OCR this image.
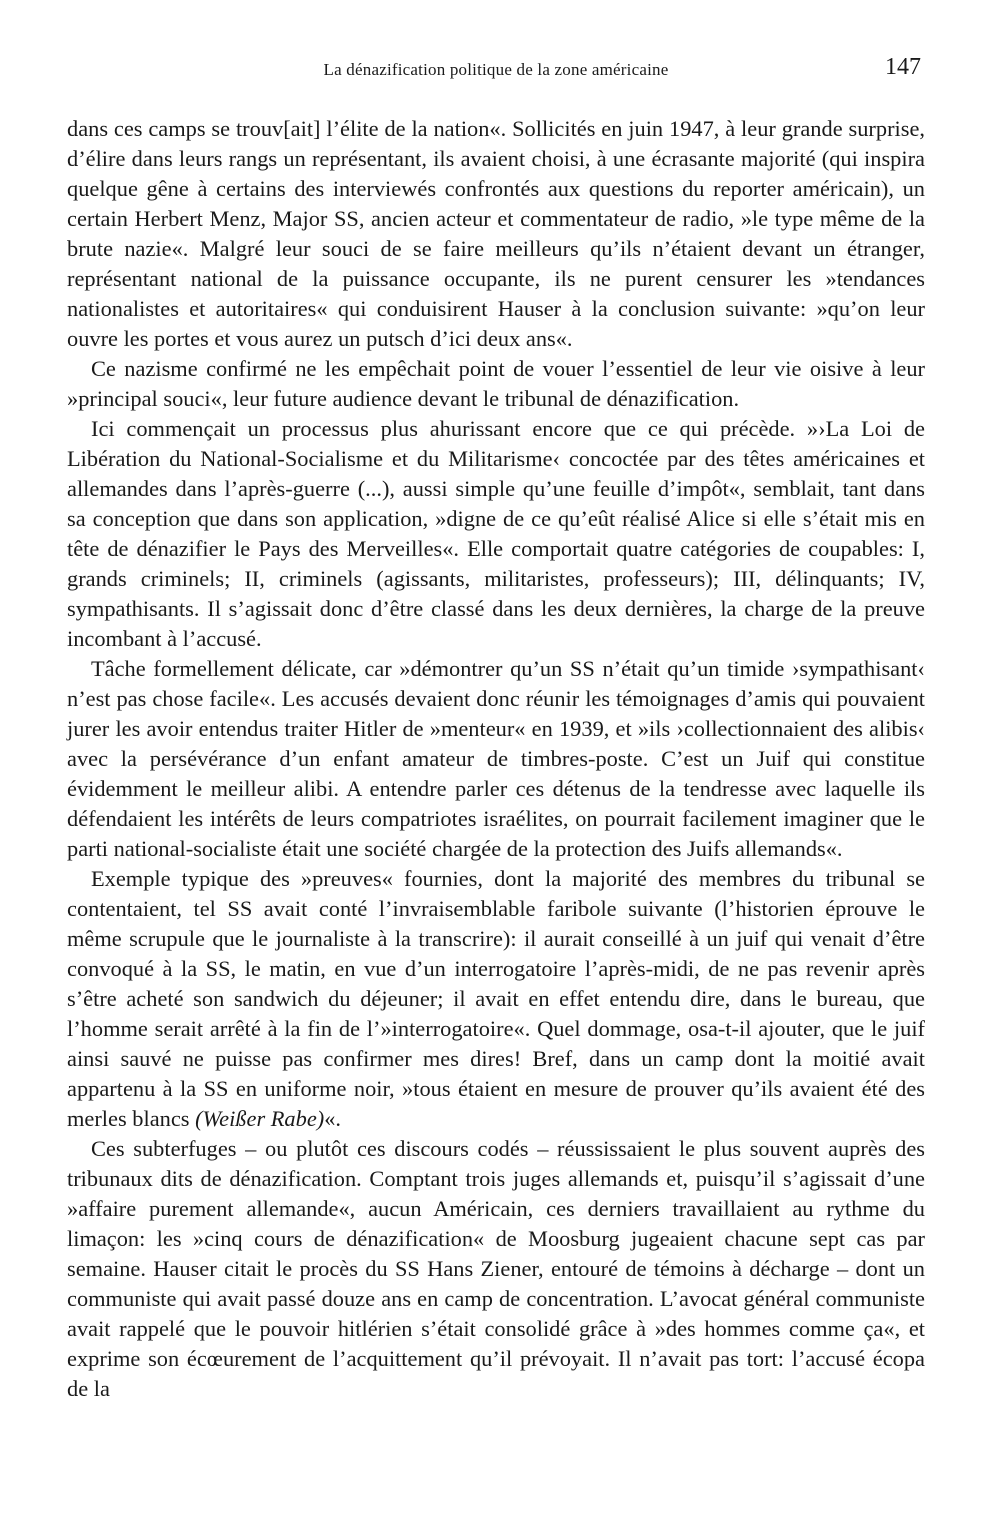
La dénazification politique de la zone américaine	147

dans ces camps se trouv[ait] l’élite de la nation«. Sollicités en juin 1947, à leur grande surprise, d’élire dans leurs rangs un représentant, ils avaient choisi, à une écrasante majorité (qui inspira quelque gêne à certains des interviewés confrontés aux questions du reporter américain), un certain Herbert Menz, Major SS, ancien acteur et commentateur de radio, »le type même de la brute nazie«. Malgré leur souci de se faire meilleurs qu’ils n’étaient devant un étranger, représentant national de la puissance occupante, ils ne purent censurer les »tendances nationalistes et autoritaires« qui conduisirent Hauser à la conclusion suivante: »qu’on leur ouvre les portes et vous aurez un putsch d’ici deux ans«.

Ce nazisme confirmé ne les empêchait point de vouer l’essentiel de leur vie oisive à leur »principal souci«, leur future audience devant le tribunal de dénazification.

Ici commençait un processus plus ahurissant encore que ce qui précède. »›La Loi de Libération du National-Socialisme et du Militarisme‹ concoctée par des têtes américaines et allemandes dans l’après-guerre (...), aussi simple qu’une feuille d’impôt«, semblait, tant dans sa conception que dans son application, »digne de ce qu’eût réalisé Alice si elle s’était mis en tête de dénazifier le Pays des Merveilles«. Elle comportait quatre catégories de coupables: I, grands criminels; II, criminels (agissants, militaristes, professeurs); III, délinquants; IV, sympathisants. Il s’agissait donc d’être classé dans les deux dernières, la charge de la preuve incombant à l’accusé.

Tâche formellement délicate, car »démontrer qu’un SS n’était qu’un timide ›sympathisant‹ n’est pas chose facile«. Les accusés devaient donc réunir les témoignages d’amis qui pouvaient jurer les avoir entendus traiter Hitler de »menteur« en 1939, et »ils ›collectionnaient des alibis‹ avec la persévérance d’un enfant amateur de timbres-poste. C’est un Juif qui constitue évidemment le meilleur alibi. A entendre parler ces détenus de la tendresse avec laquelle ils défendaient les intérêts de leurs compatriotes israélites, on pourrait facilement imaginer que le parti national-socialiste était une société chargée de la protection des Juifs allemands«.

Exemple typique des »preuves« fournies, dont la majorité des membres du tribunal se contentaient, tel SS avait conté l’invraisemblable faribole suivante (l’historien éprouve le même scrupule que le journaliste à la transcrire): il aurait conseillé à un juif qui venait d’être convoqué à la SS, le matin, en vue d’un interrogatoire l’après-midi, de ne pas revenir après s’être acheté son sandwich du déjeuner; il avait en effet entendu dire, dans le bureau, que l’homme serait arrêté à la fin de l’»interrogatoire«. Quel dommage, osa-t-il ajouter, que le juif ainsi sauvé ne puisse pas confirmer mes dires! Bref, dans un camp dont la moitié avait appartenu à la SS en uniforme noir, »tous étaient en mesure de prouver qu’ils avaient été des merles blancs (Weißer Rabe)«.

Ces subterfuges – ou plutôt ces discours codés – réussissaient le plus souvent auprès des tribunaux dits de dénazification. Comptant trois juges allemands et, puisqu’il s’agissait d’une »affaire purement allemande«, aucun Américain, ces derniers travaillaient au rythme du limaçon: les »cinq cours de dénazification« de Moosburg jugeaient chacune sept cas par semaine. Hauser citait le procès du SS Hans Ziener, entouré de témoins à décharge – dont un communiste qui avait passé douze ans en camp de concentration. L’avocat général communiste avait rappelé que le pouvoir hitlérien s’était consolidé grâce à »des hommes comme ça«, et exprime son écœurement de l’acquittement qu’il prévoyait. Il n’avait pas tort: l’accusé écopa de la
